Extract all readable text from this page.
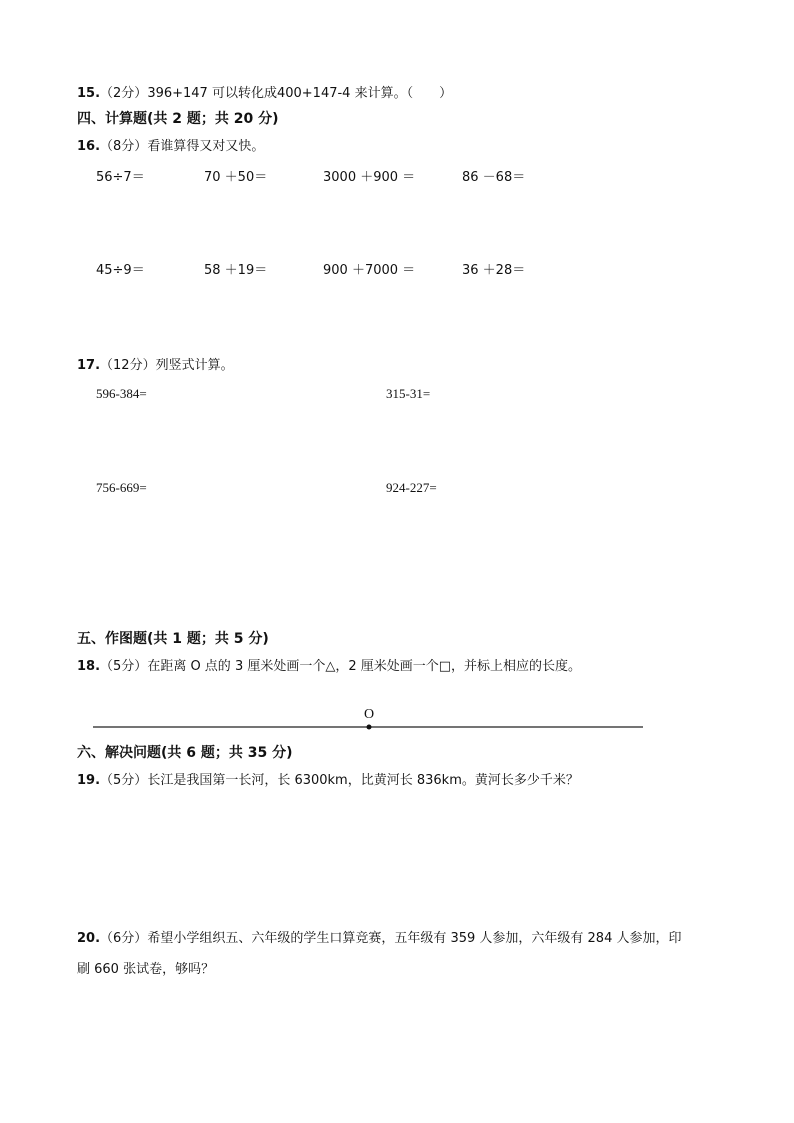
15.（2分）396+147 可以转化成400+147-4 来计算。（　　）
四、计算题(共 2 题；共 20 分)
16.（8分）看谁算得又对又快。
56÷7＝	70 ＋50＝	3000 ＋900 ＝	86 －68＝
45÷9＝	58 ＋19＝	900 ＋7000 ＝	36 ＋28＝
17.（12分）列竖式计算。
596-384=	315-31=
756-669=	924-227=
五、作图题(共 1 题；共 5 分)
18.（5分）在距离 O 点的 3 厘米处画一个△，2 厘米处画一个□，并标上相应的长度。
O
六、解决问题(共 6 题；共 35 分)
19.（5分）长江是我国第一长河，长 6300km，比黄河长 836km。黄河长多少千米？
20.（6分）希望小学组织五、六年级的学生口算竞赛，五年级有 359 人参加，六年级有 284 人参加，印
刷 660 张试卷，够吗？
